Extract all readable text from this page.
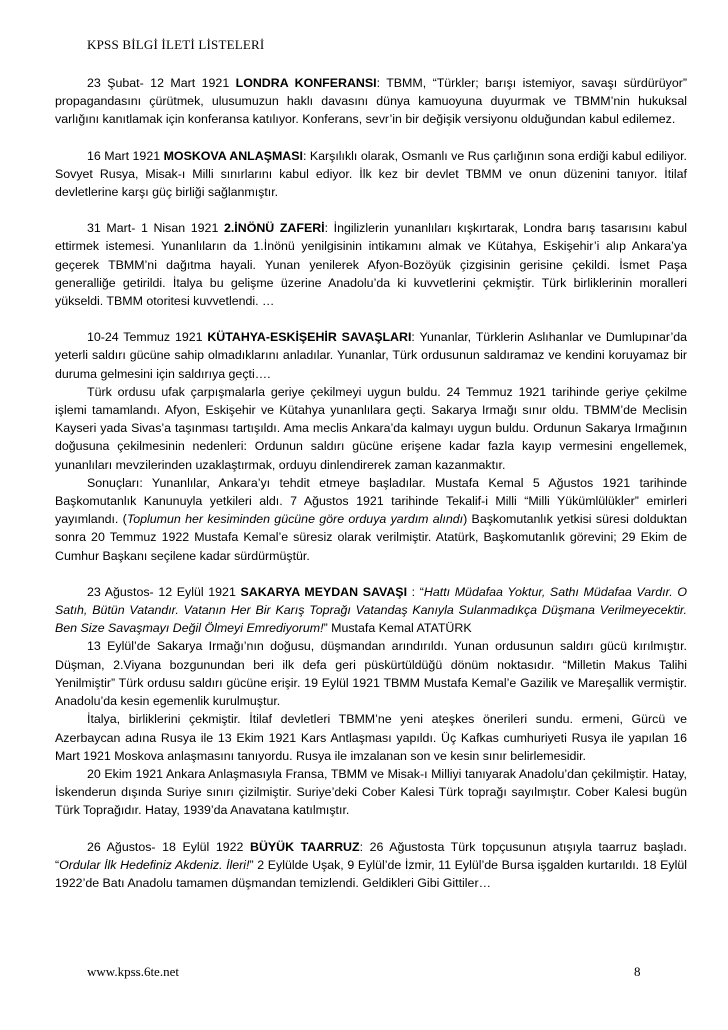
KPSS BİLGİ İLETİ LİSTELERİ

23 Şubat- 12 Mart 1921 LONDRA KONFERANSI: TBMM, “Türkler; barışı istemiyor, savaşı sürdürüyor” propagandasını çürütmek, ulusumuzun haklı davasını dünya kamuoyuna duyurmak ve TBMM’nin hukuksal varlığını kanıtlamak için konferansa katılıyor. Konferans, sevr’in bir değişik versiyonu olduğundan kabul edilemez.

16 Mart 1921 MOSKOVA ANLAŞMASI: Karşılıklı olarak, Osmanlı ve Rus çarlığının sona erdiği kabul ediliyor. Sovyet Rusya, Misak-ı Milli sınırlarını kabul ediyor. İlk kez bir devlet TBMM ve onun düzenini tanıyor. İtilaf devletlerine karşı güç birliği sağlanmıştır.

31 Mart- 1 Nisan 1921 2.İNÖNÜ ZAFERİ: İngilizlerin yunanlıları kışkırtarak, Londra barış tasarısını kabul ettirmek istemesi. Yunanlıların da 1.İnönü yenilgisinin intikamını almak ve Kütahya, Eskişehir’i alıp Ankara’ya geçerek TBMM’ni dağıtma hayali. Yunan yenilerek Afyon-Bozöyük çizgisinin gerisine çekildi. İsmet Paşa generalliğe getirildi. İtalya bu gelişme üzerine Anadolu’da ki kuvvetlerini çekmiştir. Türk birliklerinin moralleri yükseldi. TBMM otoritesi kuvvetlendi. …

10-24 Temmuz 1921 KÜTAHYA-ESKİŞEHİR SAVAŞLARI: Yunanlar, Türklerin Aslıhanlar ve Dumlupınar’da yeterli saldırı gücüne sahip olmadıklarını anladılar. Yunanlar, Türk ordusunun saldıramaz ve kendini koruyamaz bir duruma gelmesini için saldırıya geçti….

Türk ordusu ufak çarpışmalarla geriye çekilmeyi uygun buldu. 24 Temmuz 1921 tarihinde geriye çekilme işlemi tamamlandı. Afyon, Eskişehir ve Kütahya yunanlılara geçti. Sakarya Irmağı sınır oldu. TBMM’de Meclisin Kayseri yada Sivas’a taşınması tartışıldı. Ama meclis Ankara’da kalmayı uygun buldu. Ordunun Sakarya Irmağının doğusuna çekilmesinin nedenleri: Ordunun saldırı gücüne erişene kadar fazla kayıp vermesini engellemek, yunanlıları mevzilerinden uzaklaştırmak, orduyu dinlendirerek zaman kazanmaktır.

Sonuçları: Yunanlılar, Ankara’yı tehdit etmeye başladılar. Mustafa Kemal 5 Ağustos 1921 tarihinde Başkomutanlık Kanunuyla yetkileri aldı. 7 Ağustos 1921 tarihinde Tekalif-i Milli “Milli Yükümlülükler” emirleri yayımlandı. (Toplumun her kesiminden gücüne göre orduya yardım alındı) Başkomutanlık yetkisi süresi dolduktan sonra 20 Temmuz 1922 Mustafa Kemal’e süresiz olarak verilmiştir. Atatürk, Başkomutanlık görevini; 29 Ekim de Cumhur Başkanı seçilene kadar sürdürmüştür.

23 Ağustos- 12 Eylül 1921 SAKARYA MEYDAN SAVAŞI : “Hattı Müdafaa Yoktur, Sathı Müdafaa Vardır. O Satıh, Bütün Vatandır. Vatanın Her Bir Karış Toprağı Vatandaş Kanıyla Sulanmadıkça Düşmana Verilmeyecektir. Ben Size Savaşmayı Değil Ölmeyi Emrediyorum!” Mustafa Kemal ATATÜRK

13 Eylül’de Sakarya Irmağı’nın doğusu, düşmandan arındırıldı. Yunan ordusunun saldırı gücü kırılmıştır. Düşman, 2.Viyana bozgunundan beri ilk defa geri püskürtüldüğü dönüm noktasıdır. “Milletin Makus Talihi Yenilmiştir” Türk ordusu saldırı gücüne erişir. 19 Eylül 1921 TBMM Mustafa Kemal’e Gazilik ve Mareşallik vermiştir. Anadolu’da kesin egemenlik kurulmuştur.

İtalya, birliklerini çekmiştir. İtilaf devletleri TBMM’ne yeni ateşkes önerileri sundu. ermeni, Gürcü ve Azerbaycan adına Rusya ile 13 Ekim 1921 Kars Antlaşması yapıldı. Üç Kafkas cumhuriyeti Rusya ile yapılan 16 Mart 1921 Moskova anlaşmasını tanıyordu. Rusya ile imzalanan son ve kesin sınır belirlemesidir.

20 Ekim 1921 Ankara Anlaşmasıyla Fransa, TBMM ve Misak-ı Milliyi tanıyarak Anadolu’dan çekilmiştir. Hatay, İskenderun dışında Suriye sınırı çizilmiştir. Suriye’deki Cober Kalesi Türk toprağı sayılmıştır. Cober Kalesi bugün Türk Toprağıdır. Hatay, 1939’da Anavatana katılmıştır.

26 Ağustos- 18 Eylül 1922 BÜYÜK TAARRUZ: 26 Ağustosta Türk topçusunun atışıyla taarruz başladı. “Ordular İlk Hedefiniz Akdeniz. İleri!” 2 Eylülde Uşak, 9 Eylül’de İzmir, 11 Eylül’de Bursa işgalden kurtarıldı. 18 Eylül 1922’de Batı Anadolu tamamen düşmandan temizlendi. Geldikleri Gibi Gittiler…

www.kpss.6te.net	8
